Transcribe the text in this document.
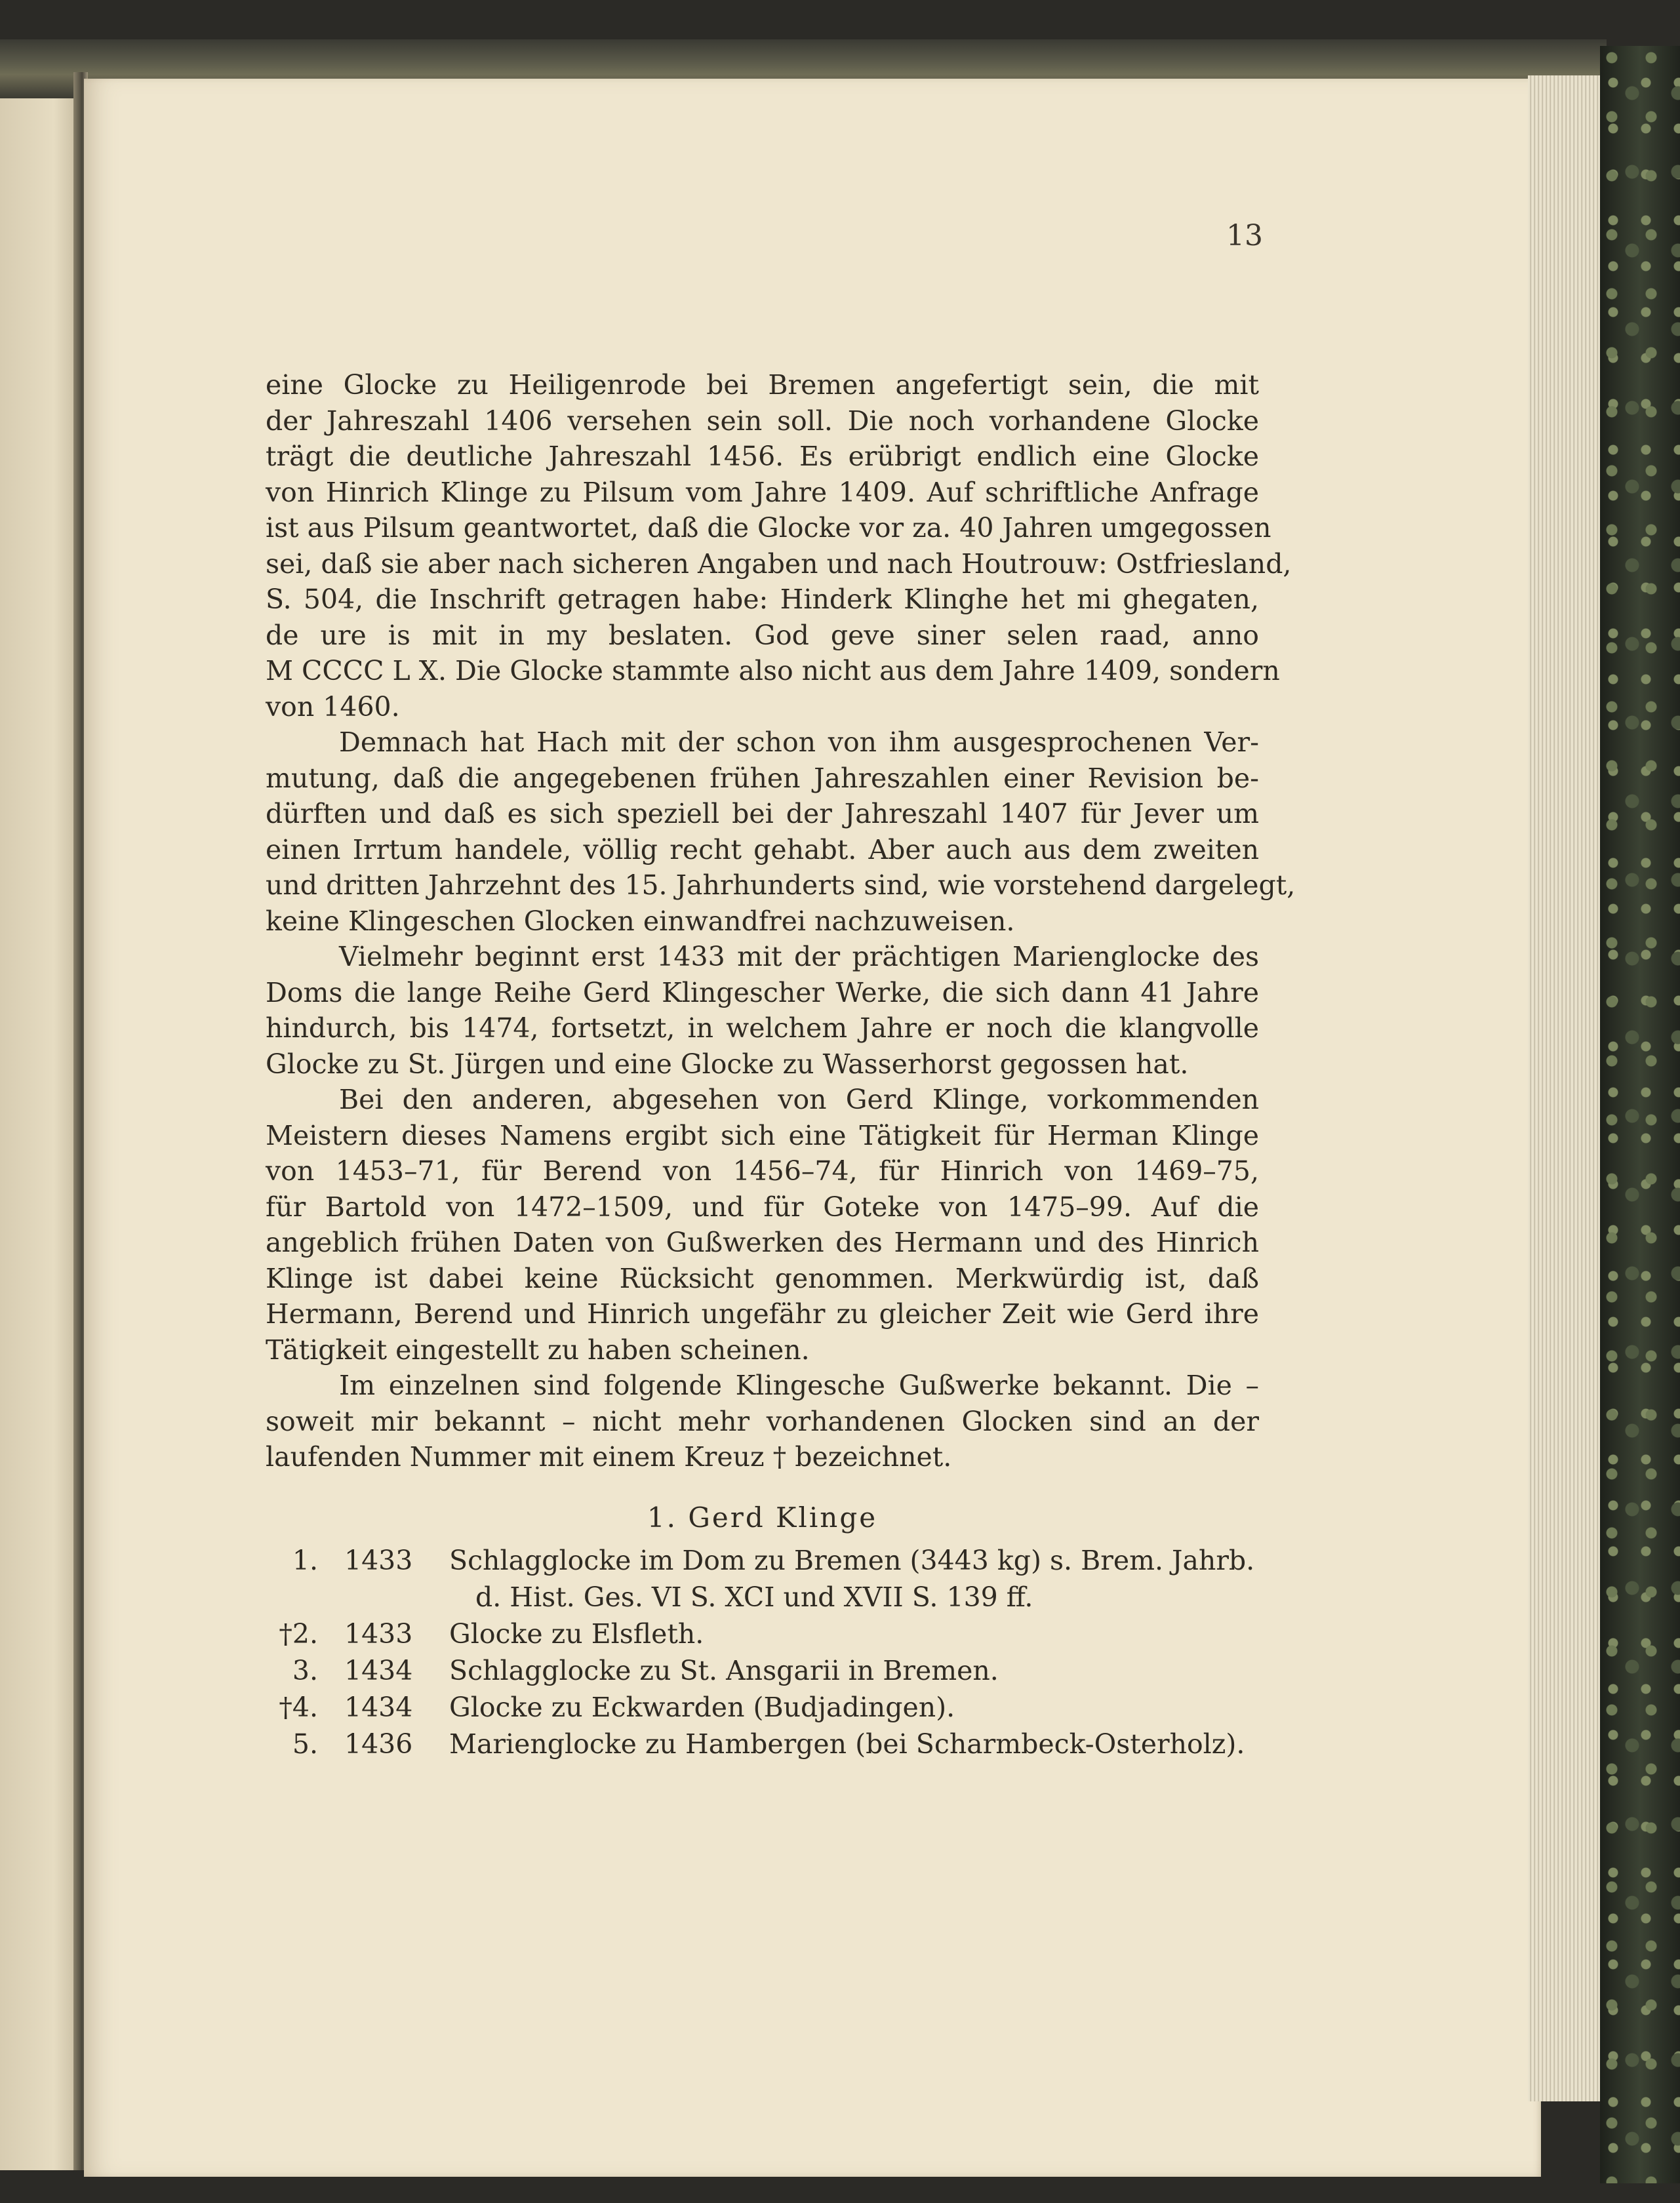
13
eine Glocke zu Heiligenrode bei Bremen angefertigt sein, die mit
der Jahreszahl 1406 versehen sein soll. Die noch vorhandene Glocke
trägt die deutliche Jahreszahl 1456. Es erübrigt endlich eine Glocke
von Hinrich Klinge zu Pilsum vom Jahre 1409. Auf schriftliche Anfrage
ist aus Pilsum geantwortet, daß die Glocke vor za. 40 Jahren umgegossen
sei, daß sie aber nach sicheren Angaben und nach Houtrouw: Ostfriesland,
S. 504, die Inschrift getragen habe: Hinderk Klinghe het mi ghegaten,
de ure is mit in my beslaten. God geve siner selen raad, anno
M CCCC L X. Die Glocke stammte also nicht aus dem Jahre 1409, sondern
von 1460.
Demnach hat Hach mit der schon von ihm ausgesprochenen Ver-
mutung, daß die angegebenen frühen Jahreszahlen einer Revision be-
dürften und daß es sich speziell bei der Jahreszahl 1407 für Jever um
einen Irrtum handele, völlig recht gehabt. Aber auch aus dem zweiten
und dritten Jahrzehnt des 15. Jahrhunderts sind, wie vorstehend dargelegt,
keine Klingeschen Glocken einwandfrei nachzuweisen.
Vielmehr beginnt erst 1433 mit der prächtigen Marienglocke des
Doms die lange Reihe Gerd Klingescher Werke, die sich dann 41 Jahre
hindurch, bis 1474, fortsetzt, in welchem Jahre er noch die klangvolle
Glocke zu St. Jürgen und eine Glocke zu Wasserhorst gegossen hat.
Bei den anderen, abgesehen von Gerd Klinge, vorkommenden
Meistern dieses Namens ergibt sich eine Tätigkeit für Herman Klinge
von 1453–71, für Berend von 1456–74, für Hinrich von 1469–75,
für Bartold von 1472–1509, und für Goteke von 1475–99. Auf die
angeblich frühen Daten von Gußwerken des Hermann und des Hinrich
Klinge ist dabei keine Rücksicht genommen. Merkwürdig ist, daß
Hermann, Berend und Hinrich ungefähr zu gleicher Zeit wie Gerd ihre
Tätigkeit eingestellt zu haben scheinen.
Im einzelnen sind folgende Klingesche Gußwerke bekannt. Die –
soweit mir bekannt – nicht mehr vorhandenen Glocken sind an der
laufenden Nummer mit einem Kreuz † bezeichnet.
1. Gerd Klinge
1. 1433 Schlagglocke im Dom zu Bremen (3443 kg) s. Brem. Jahrb.
d. Hist. Ges. VI S. XCI und XVII S. 139 ff.
†2. 1433 Glocke zu Elsfleth.
3. 1434 Schlagglocke zu St. Ansgarii in Bremen.
†4. 1434 Glocke zu Eckwarden (Budjadingen).
5. 1436 Marienglocke zu Hambergen (bei Scharmbeck-Osterholz).
